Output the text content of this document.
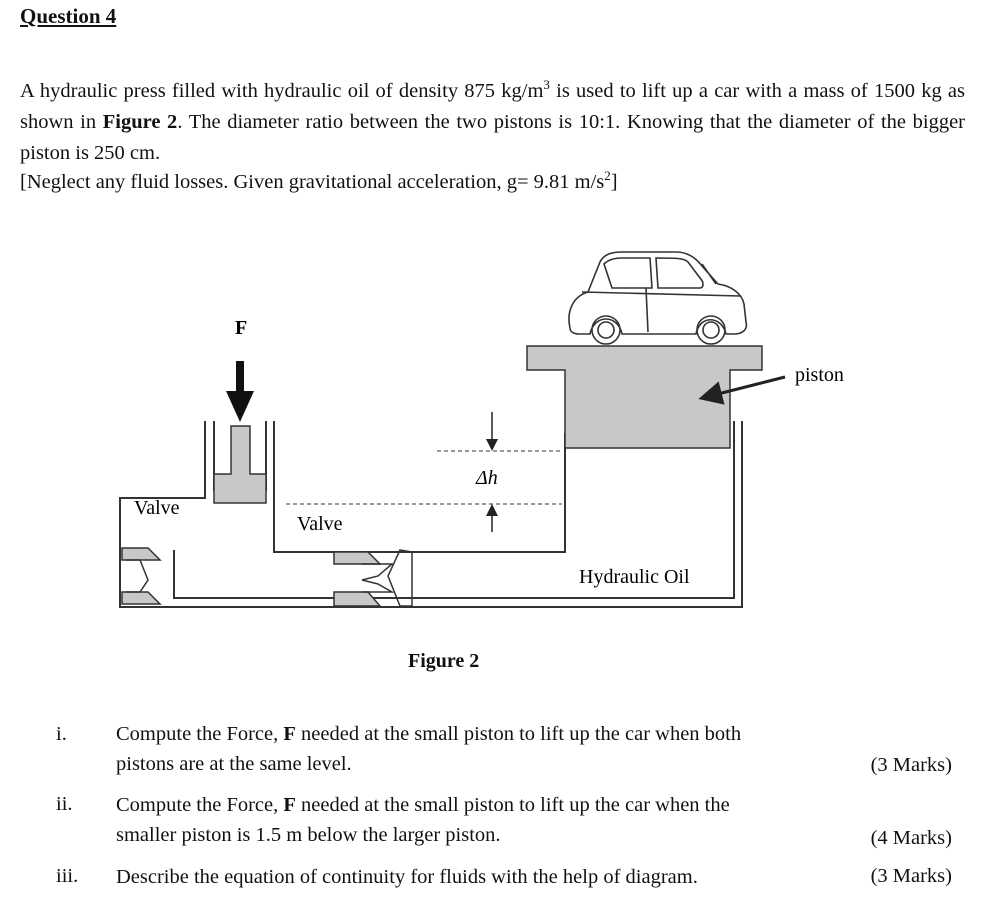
Question 4
A hydraulic press filled with hydraulic oil of density 875 $kg/m^3$ is used to lift up a car with a mass of 1500 kg as shown in Figure 2. The diameter ratio between the two pistons is 10:1. Knowing that the diameter of the bigger piston is 250 cm.
[Neglect any fluid losses. Given gravitational acceleration, g= 9.81 $m/s^2$]
F
piston
Δh
Valve
Valve
Hydraulic Oil
Figure 2
i. Compute the Force, F needed at the small piston to lift up the car when both
pistons are at the same level.	(3 Marks)
ii. Compute the Force, F needed at the small piston to lift up the car when the
smaller piston is 1.5 m below the larger piston.	(4 Marks)
iii. Describe the equation of continuity for fluids with the help of diagram.	(3 Marks)
